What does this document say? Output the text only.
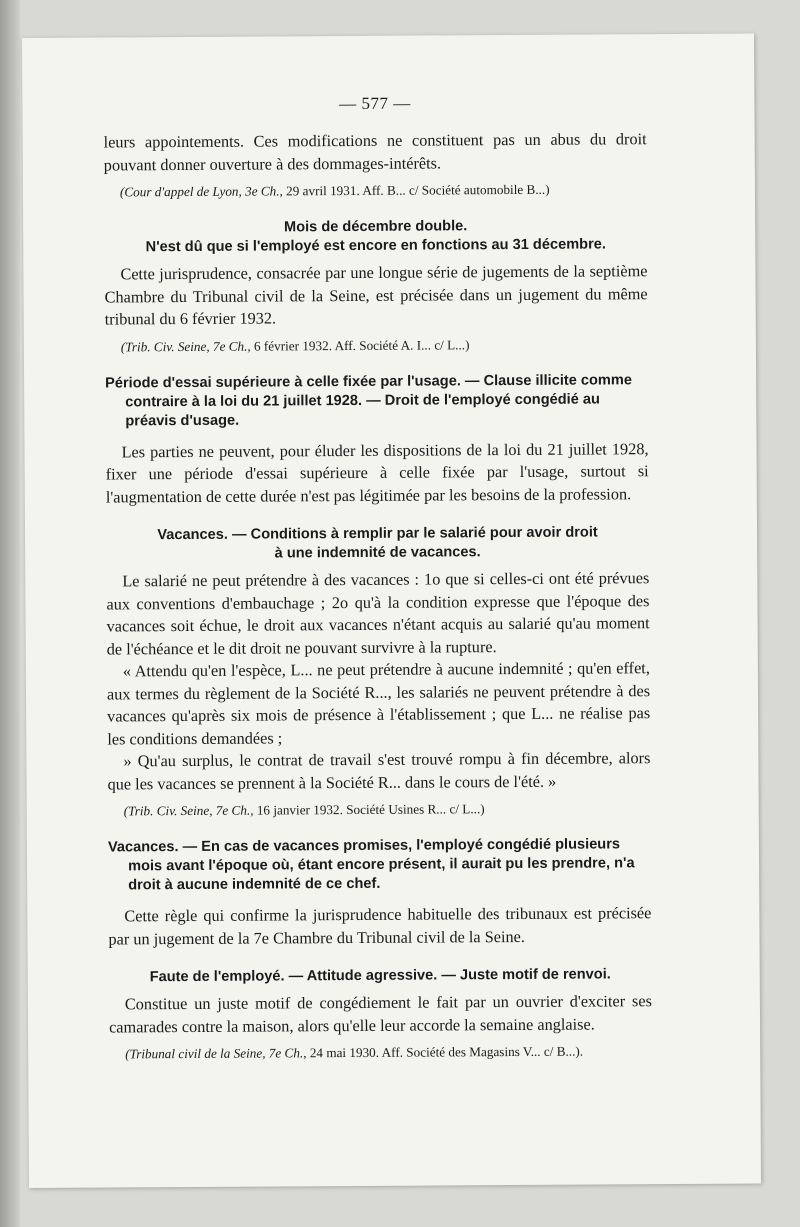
— 577 —

leurs appointements. Ces modifications ne constituent pas un abus du droit pouvant donner ouverture à des dommages-intérêts.

(Cour d'appel de Lyon, 3e Ch., 29 avril 1931. Aff. B... c/ Société automobile B...)

Mois de décembre double.
N'est dû que si l'employé est encore en fonctions au 31 décembre.

Cette jurisprudence, consacrée par une longue série de jugements de la septième Chambre du Tribunal civil de la Seine, est précisée dans un jugement du même tribunal du 6 février 1932.

(Trib. Civ. Seine, 7e Ch., 6 février 1932. Aff. Société A. I... c/ L...)

Période d'essai supérieure à celle fixée par l'usage. — Clause illicite comme
contraire à la loi du 21 juillet 1928. — Droit de l'employé congédié au préavis d'usage.

Les parties ne peuvent, pour éluder les dispositions de la loi du 21 juillet 1928, fixer une période d'essai supérieure à celle fixée par l'usage, surtout si l'augmentation de cette durée n'est pas légitimée par les besoins de la profession.

Vacances. — Conditions à remplir par le salarié pour avoir droit
à une indemnité de vacances.

Le salarié ne peut prétendre à des vacances : 1o que si celles-ci ont été prévues aux conventions d'embauchage ; 2o qu'à la condition expresse que l'époque des vacances soit échue, le droit aux vacances n'étant acquis au salarié qu'au moment de l'échéance et le dit droit ne pouvant survivre à la rupture.

« Attendu qu'en l'espèce, L... ne peut prétendre à aucune indemnité ; qu'en effet, aux termes du règlement de la Société R..., les salariés ne peuvent prétendre à des vacances qu'après six mois de présence à l'établissement ; que L... ne réalise pas les conditions demandées ;

» Qu'au surplus, le contrat de travail s'est trouvé rompu à fin décembre, alors que les vacances se prennent à la Société R... dans le cours de l'été. »

(Trib. Civ. Seine, 7e Ch., 16 janvier 1932. Société Usines R... c/ L...)

Vacances. — En cas de vacances promises, l'employé congédié plusieurs
mois avant l'époque où, étant encore présent, il aurait pu les prendre, n'a droit à aucune indemnité de ce chef.

Cette règle qui confirme la jurisprudence habituelle des tribunaux est précisée par un jugement de la 7e Chambre du Tribunal civil de la Seine.

Faute de l'employé. — Attitude agressive. — Juste motif de renvoi.

Constitue un juste motif de congédiement le fait par un ouvrier d'exciter ses camarades contre la maison, alors qu'elle leur accorde la semaine anglaise.

(Tribunal civil de la Seine, 7e Ch., 24 mai 1930. Aff. Société des Magasins V... c/ B...).
